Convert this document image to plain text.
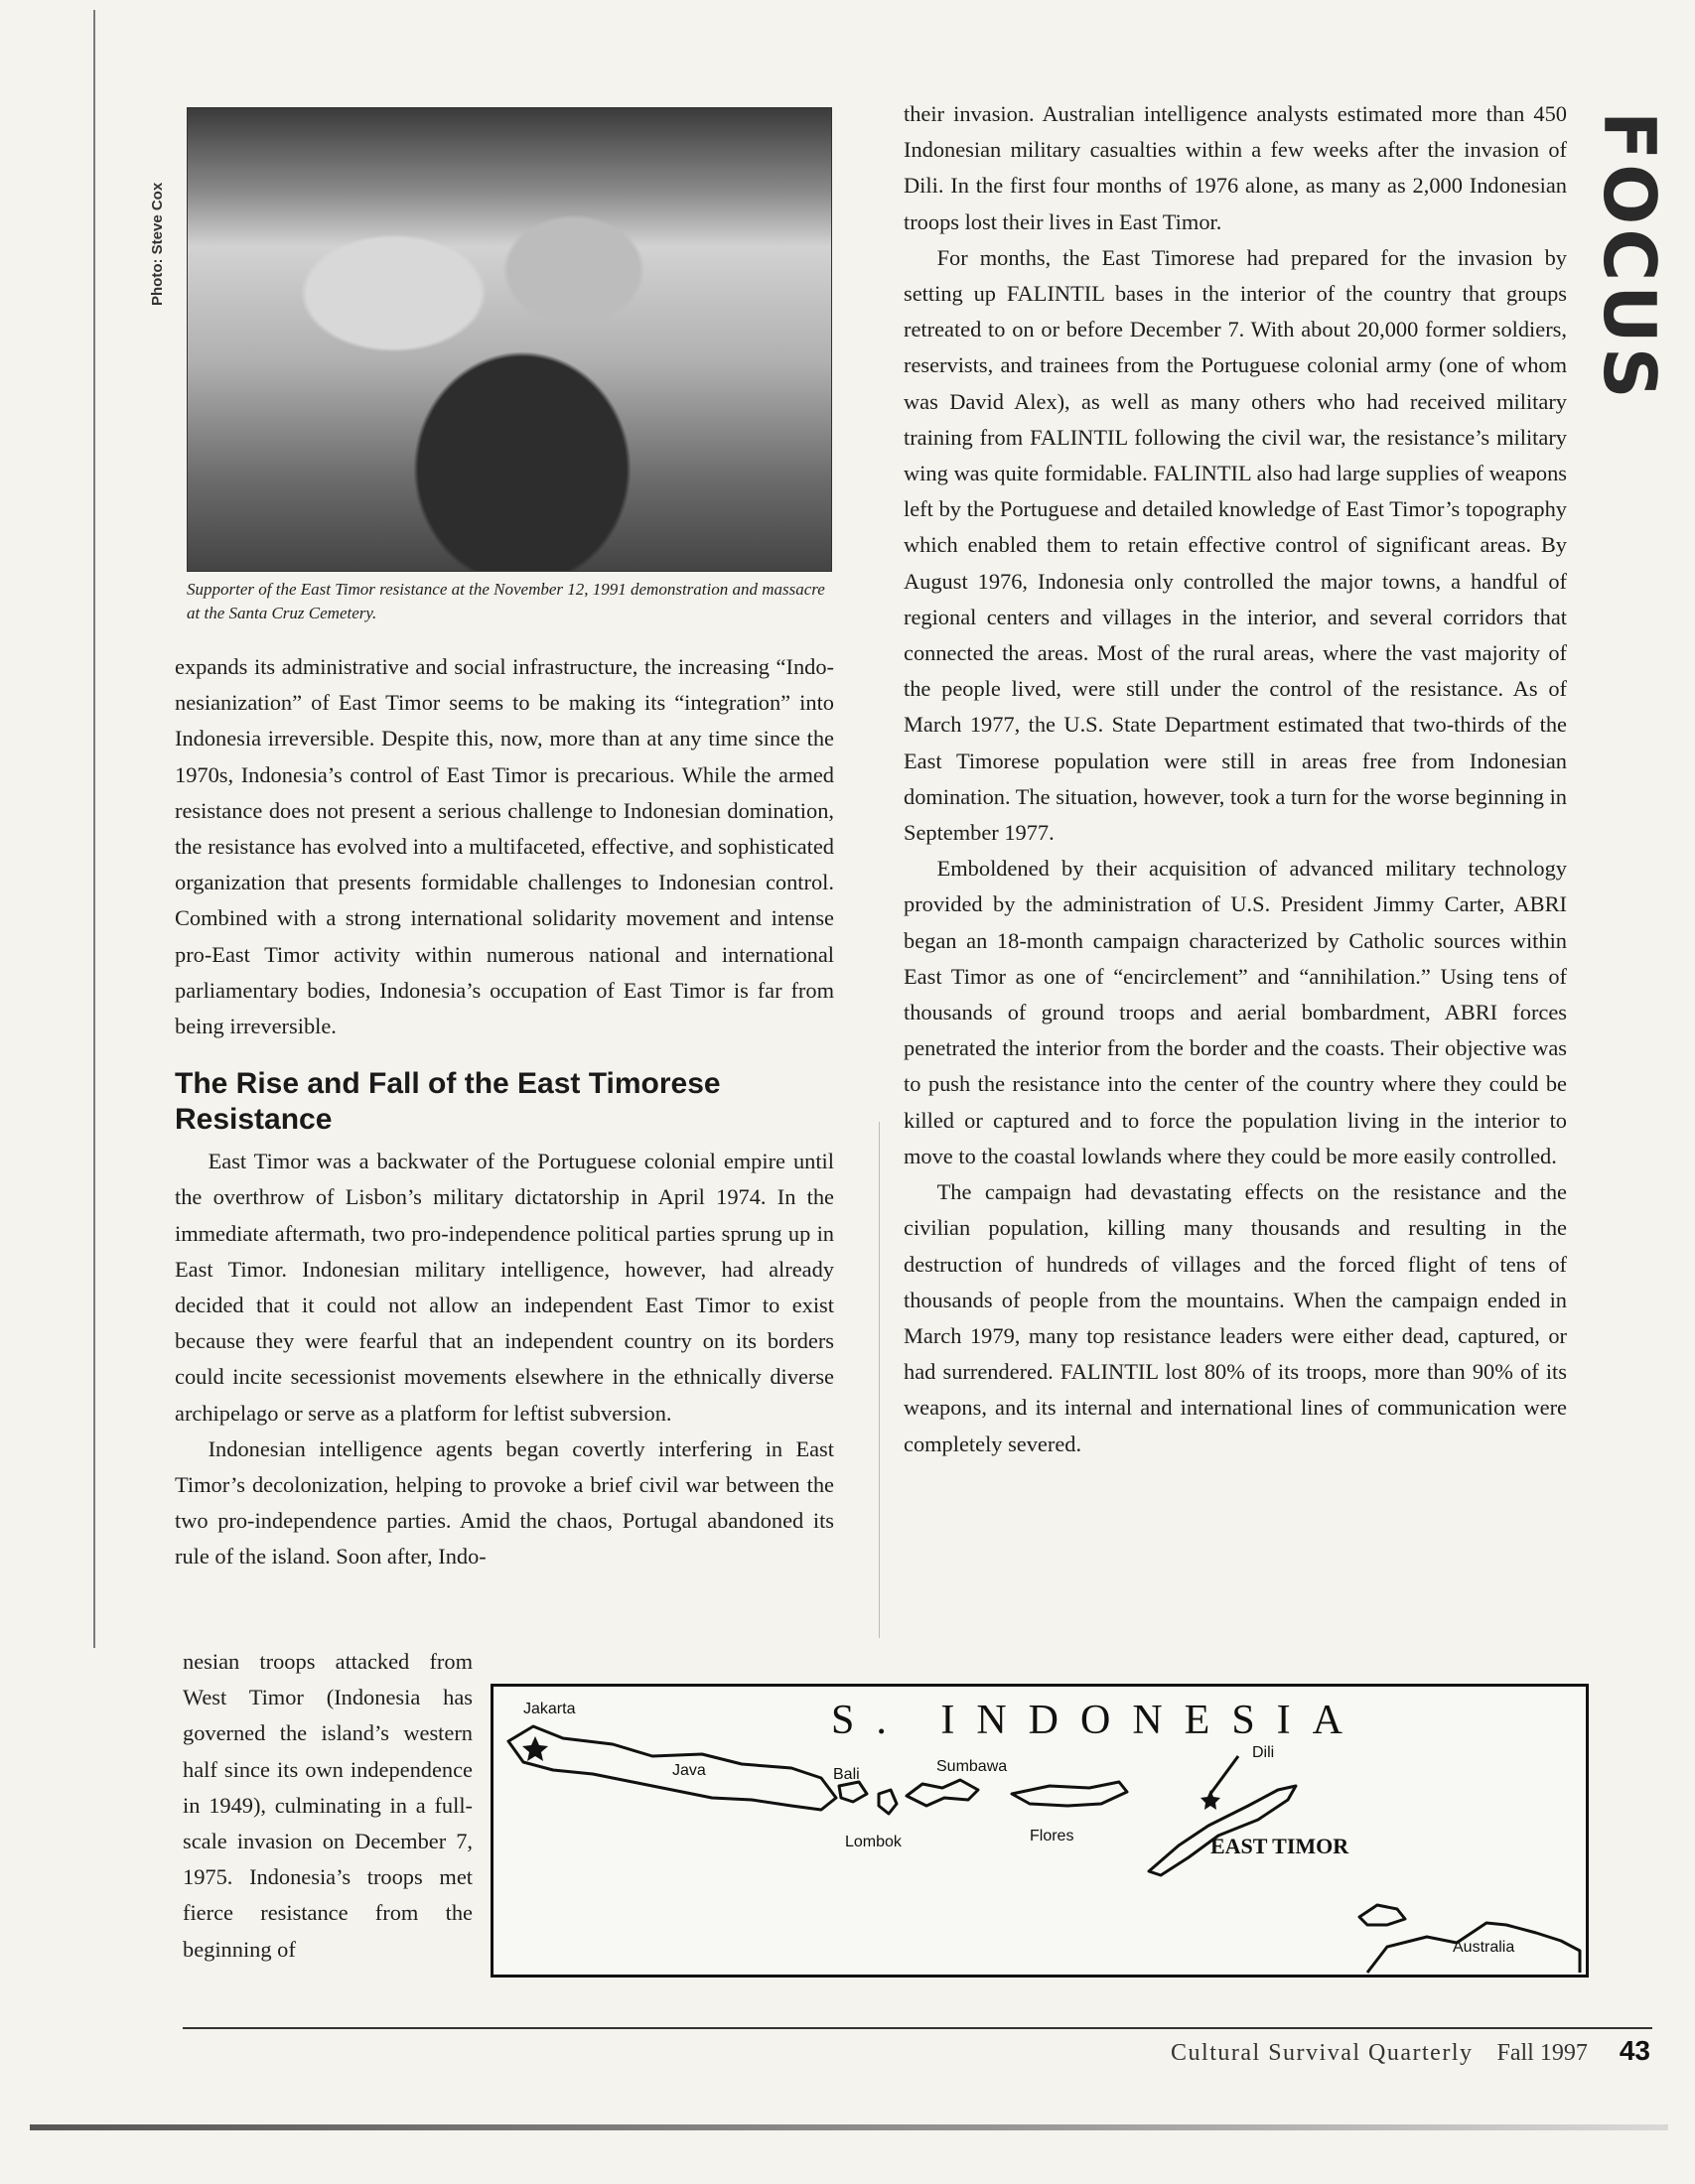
Photo: Steve Cox
Supporter of the East Timor resistance at the November 12, 1991 demonstration and massacre at the Santa Cruz Cemetery.

expands its administrative and social infrastructure, the increasing “Indo-nesianization” of East Timor seems to be making its “integration” into Indonesia irreversible. Despite this, now, more than at any time since the 1970s, Indonesia’s control of East Timor is precarious. While the armed resistance does not present a serious challenge to Indonesian domination, the resistance has evolved into a multifaceted, effective, and sophisticated organization that presents formidable challenges to Indonesian control. Combined with a strong international solidarity movement and intense pro-East Timor activity within numerous national and international parliamentary bodies, Indonesia’s occupation of East Timor is far from being irreversible.

The Rise and Fall of the East Timorese Resistance

East Timor was a backwater of the Portuguese colonial empire until the overthrow of Lisbon’s military dictatorship in April 1974. In the immediate aftermath, two pro-independence political parties sprung up in East Timor. Indonesian military intelligence, however, had already decided that it could not allow an independent East Timor to exist because they were fearful that an independent country on its borders could incite secessionist movements elsewhere in the ethnically diverse archipelago or serve as a platform for leftist subversion.

Indonesian intelligence agents began covertly interfering in East Timor’s decolonization, helping to provoke a brief civil war between the two pro-independence parties. Amid the chaos, Portugal abandoned its rule of the island. Soon after, Indo-

nesian troops attacked from West Timor (Indonesia has governed the island’s western half since its own independence in 1949), culminating in a full-scale invasion on December 7, 1975. Indonesia’s troops met fierce resistance from the beginning of

their invasion. Australian intelligence analysts estimated more than 450 Indonesian military casualties within a few weeks after the invasion of Dili. In the first four months of 1976 alone, as many as 2,000 Indonesian troops lost their lives in East Timor.

For months, the East Timorese had prepared for the invasion by setting up FALINTIL bases in the interior of the country that groups retreated to on or before December 7. With about 20,000 former soldiers, reservists, and trainees from the Portuguese colonial army (one of whom was David Alex), as well as many others who had received military training from FALINTIL following the civil war, the resistance’s military wing was quite formidable. FALINTIL also had large supplies of weapons left by the Portuguese and detailed knowledge of East Timor’s topography which enabled them to retain effective control of significant areas. By August 1976, Indonesia only controlled the major towns, a handful of regional centers and villages in the interior, and several corridors that connected the areas. Most of the rural areas, where the vast majority of the people lived, were still under the control of the resistance. As of March 1977, the U.S. State Department estimated that two-thirds of the East Timorese population were still in areas free from Indonesian domination. The situation, however, took a turn for the worse beginning in September 1977.

Emboldened by their acquisition of advanced military technology provided by the administration of U.S. President Jimmy Carter, ABRI began an 18-month campaign characterized by Catholic sources within East Timor as one of “encirclement” and “annihilation.” Using tens of thousands of ground troops and aerial bombardment, ABRI forces penetrated the interior from the border and the coasts. Their objective was to push the resistance into the center of the country where they could be killed or captured and to force the population living in the interior to move to the coastal lowlands where they could be more easily controlled.

The campaign had devastating effects on the resistance and the civilian population, killing many thousands and resulting in the destruction of hundreds of villages and the forced flight of tens of thousands of people from the mountains. When the campaign ended in March 1979, many top resistance leaders were either dead, captured, or had surrendered. FALINTIL lost 80% of its troops, more than 90% of its weapons, and its internal and international lines of communication were completely severed.

FOCUS
S. INDONESIA
Jakarta
Java	Bali
Lombok
Sumbawa
Flores
Dili
EAST TIMOR
Australia
Cultural Survival Quarterly Fall 1997 43
